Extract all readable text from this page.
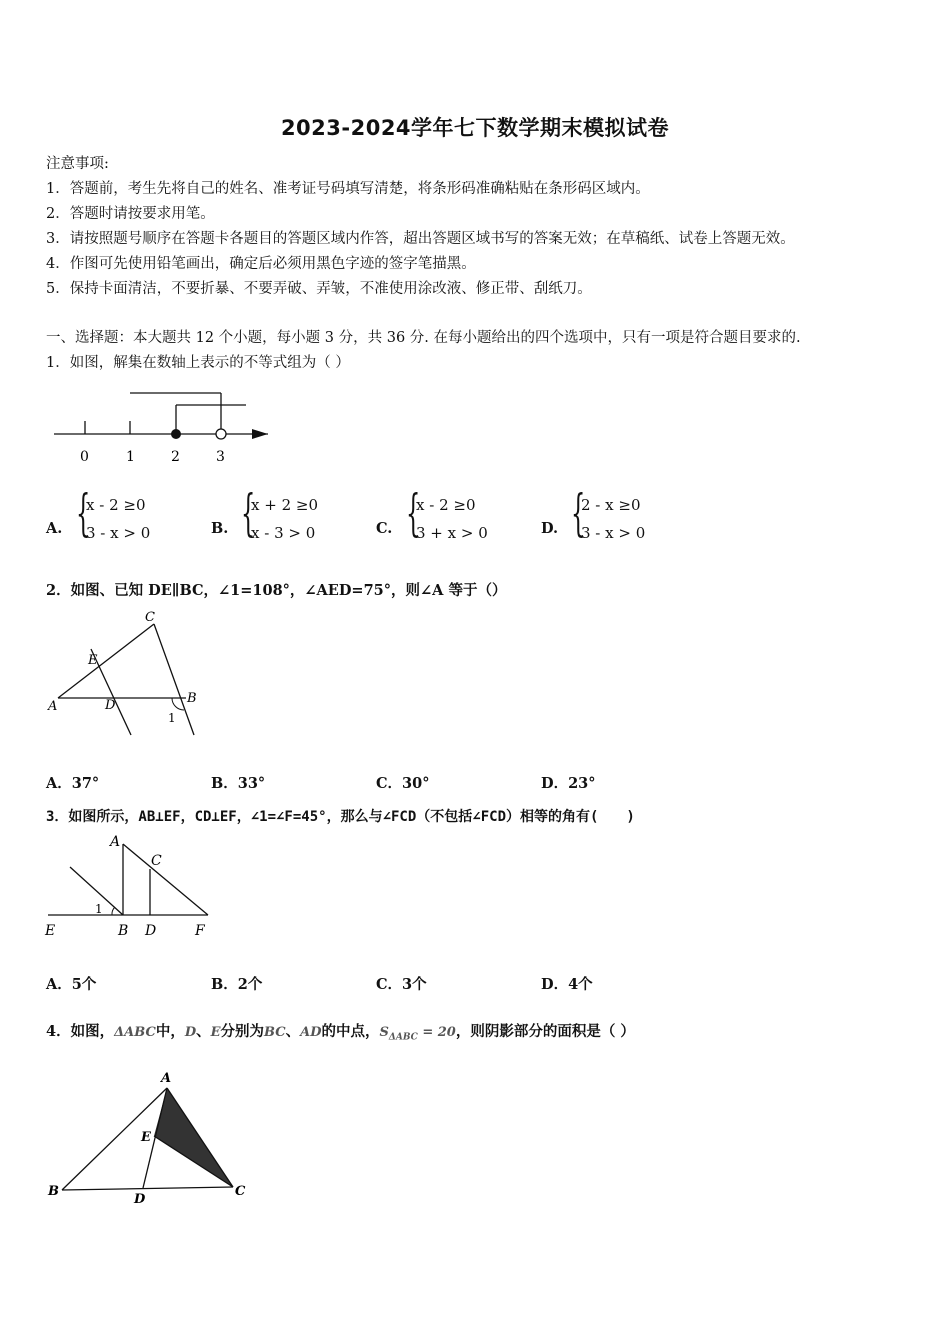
2023-2024学年七下数学期末模拟试卷
注意事项:
1．答题前，考生先将自己的姓名、准考证号码填写清楚，将条形码准确粘贴在条形码区域内。
2．答题时请按要求用笔。
3．请按照题号顺序在答题卡各题目的答题区域内作答，超出答题区域书写的答案无效；在草稿纸、试卷上答题无效。
4．作图可先使用铅笔画出，确定后必须用黑色字迹的签字笔描黑。
5．保持卡面清洁，不要折暴、不要弄破、弄皱，不准使用涂改液、修正带、刮纸刀。
一、选择题：本大题共 12 个小题，每小题 3 分，共 36 分. 在每小题给出的四个选项中，只有一项是符合题目要求的.
1．如图，解集在数轴上表示的不等式组为（ ）
0	1	2	3
A. {
x - 2 ≥0
3 - x > 0	B. {
x + 2 ≥0
x - 3 > 0	C. {
x - 2 ≥0
3 + x > 0	D. {
2 - x ≥0
3 - x > 0
2．如图、已知 DE∥BC，∠1=108°，∠AED=75°，则∠A 等于（）
C
E
A	D	B
1
A．37°	B．33°	C．30°	D．23°
3．如图所示，AB⊥EF，CD⊥EF，∠1=∠F=45°，那么与∠FCD（不包括∠FCD）相等的角有(　　)
A
C
1
E	B D	F
A．5个	B．2个	C．3个	D．4个
4．如图，ΔABC中，D、E分别为BC、AD的中点，$S_{\Delta ABC} = 20$，则阴影部分的面积是（ ）
A
E
B
D
C
